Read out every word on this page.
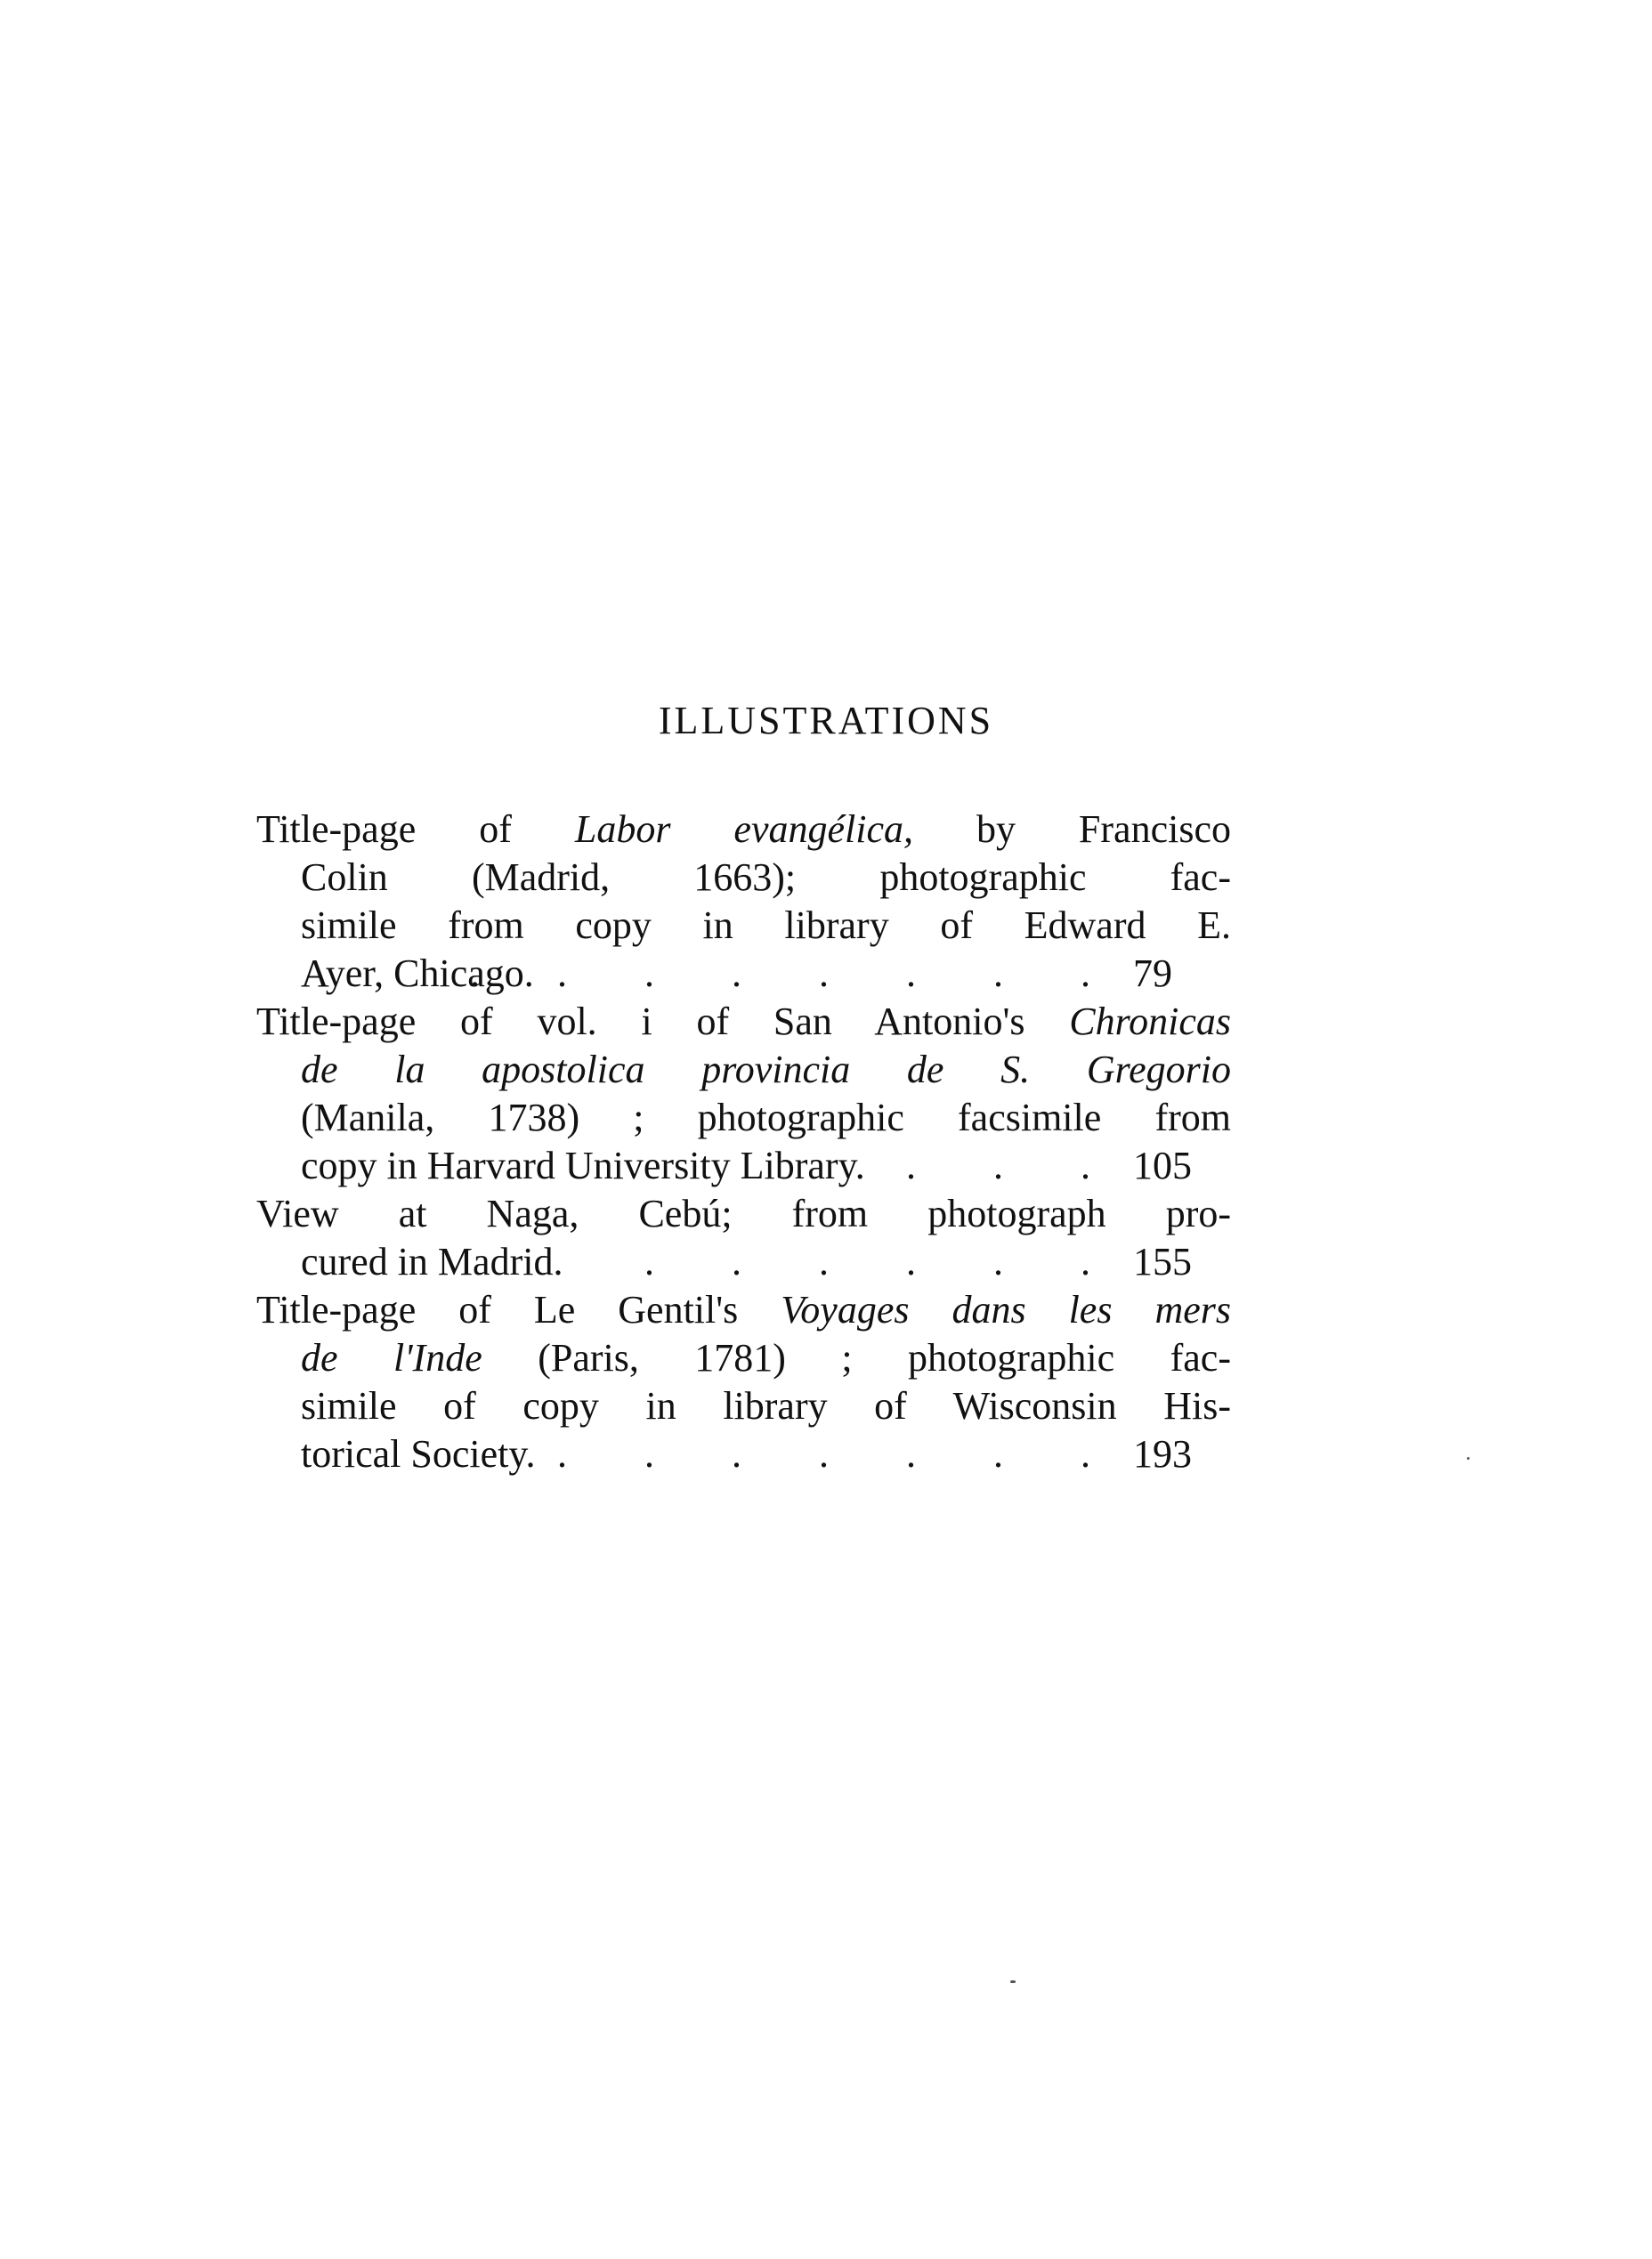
ILLUSTRATIONS
Title-page of Labor evangélica, by Francisco
Colin (Madrid, 1663); photographic fac-
simile from copy in library of Edward E.
Ayer, Chicago.
. . . . . . . . 79
Title-page of vol. i of San Antonio's Chronicas
de la apostolica provincia de S. Gregorio
(Manila, 1738) ; photographic facsimile from
copy in Harvard University Library. . . . 105
View at Naga, Cebú; from photograph pro-
cured in Madrid. . . . . . . 155
Title-page of Le Gentil's Voyages dans les mers
de l'Inde (Paris, 1781) ; photographic fac-
simile of copy in library of Wisconsin His-
torical Society. . . . . . . . 193
